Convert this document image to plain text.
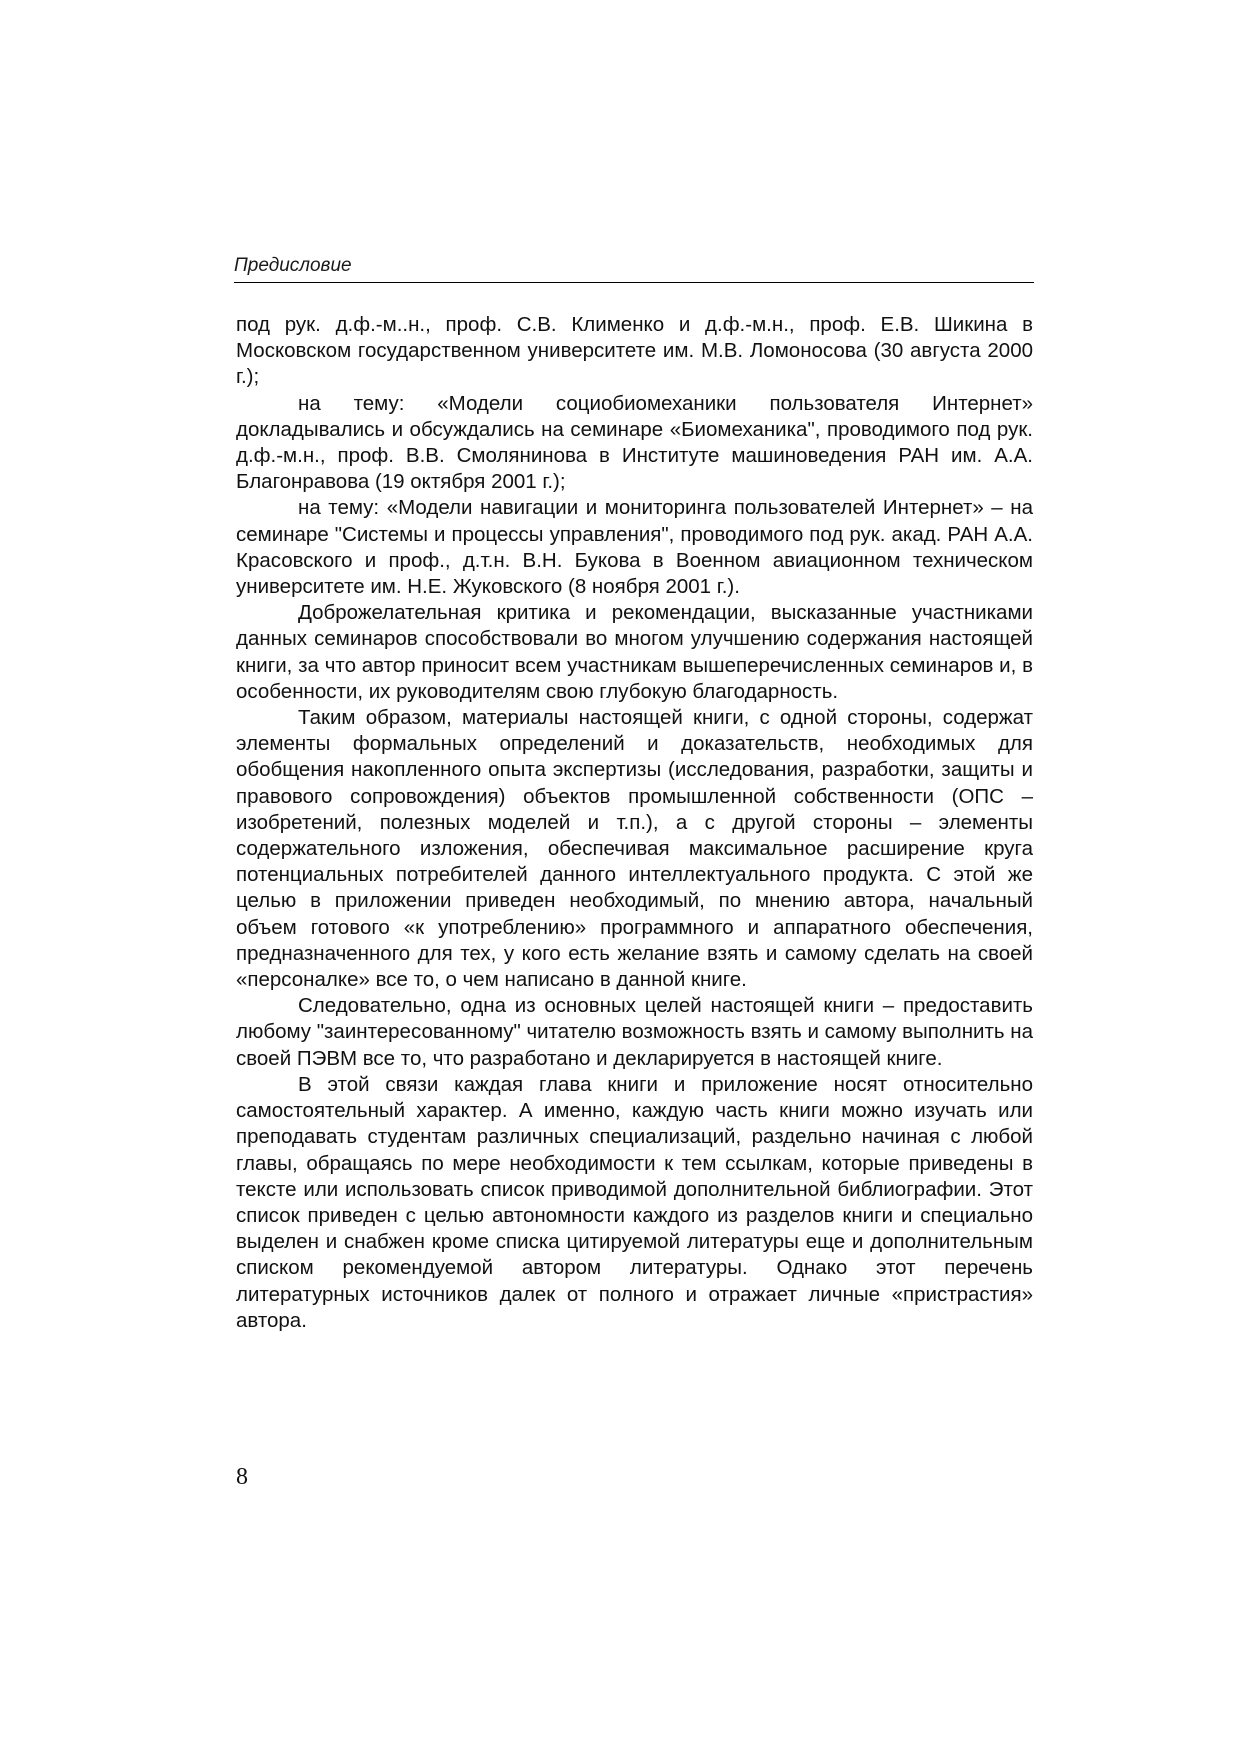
Предисловие

под рук. д.ф.-м..н., проф. С.В. Клименко и д.ф.-м.н., проф. Е.В. Шикина в Московском государственном университете им. М.В. Ломоносова (30 августа 2000 г.);

на тему: «Модели социобиомеханики пользователя Интернет» докладывались и обсуждались на семинаре «Биомеханика", проводимого под рук. д.ф.-м.н., проф. В.В. Смолянинова в Институте машиноведения РАН им. А.А. Благонравова (19 октября 2001 г.);

на тему: «Модели навигации и мониторинга пользователей Интернет» – на семинаре "Системы и процессы управления", проводимого под рук. акад. РАН А.А. Красовского и проф., д.т.н. В.Н. Букова в Военном авиационном техническом университете им. Н.Е. Жуковского (8 ноября 2001 г.).

Доброжелательная критика и рекомендации, высказанные участниками данных семинаров способствовали во многом улучшению содержания настоящей книги, за что автор приносит всем участникам вышеперечисленных семинаров и, в особенности, их руководителям свою глубокую благодарность.

Таким образом, материалы настоящей книги, с одной стороны, содержат элементы формальных определений и доказательств, необходимых для обобщения накопленного опыта экспертизы (исследования, разработки, защиты и правового сопровождения) объектов промышленной собственности (ОПС – изобретений, полезных моделей и т.п.), а с другой стороны – элементы содержательного изложения, обеспечивая максимальное расширение круга потенциальных потребителей данного интеллектуального продукта. С этой же целью в приложении приведен необходимый, по мнению автора, начальный объем готового «к употреблению» программного и аппаратного обеспечения, предназначенного для тех, у кого есть желание взять и самому сделать на своей «персоналке» все то, о чем написано в данной книге.

Следовательно, одна из основных целей настоящей книги – предоставить любому "заинтересованному" читателю возможность взять и самому выполнить на своей ПЭВМ все то, что разработано и декларируется в настоящей книге.

В этой связи каждая глава книги и приложение носят относительно самостоятельный характер. А именно, каждую часть книги можно изучать или преподавать студентам различных специализаций, раздельно начиная с любой главы, обращаясь по мере необходимости к тем ссылкам, которые приведены в тексте или использовать список приводимой дополнительной библиографии. Этот список приведен с целью автономности каждого из разделов книги и специально выделен и снабжен кроме списка цитируемой литературы еще и дополнительным списком рекомендуемой автором литературы. Однако этот перечень литературных источников далек от полного и отражает личные «пристрастия» автора.

8
